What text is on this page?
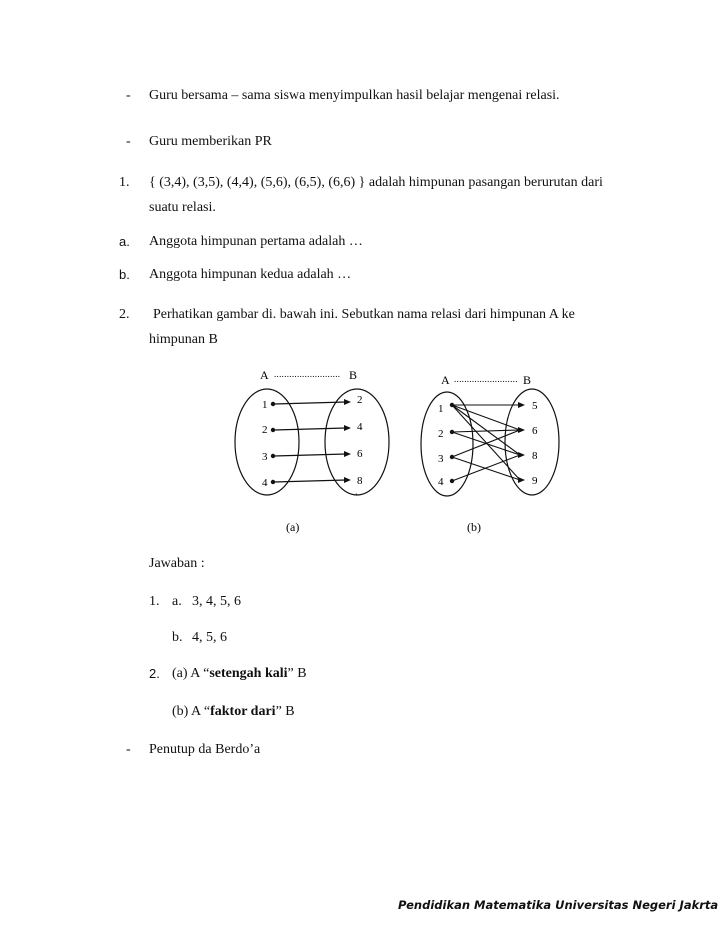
- Guru bersama – sama siswa menyimpulkan hasil belajar mengenai relasi.
- Guru memberikan PR
1. { (3,4), (3,5), (4,4), (5,6), (6,5), (6,6) } adalah himpunan pasangan berurutan dari
suatu relasi.
a. Anggota himpunan pertama adalah …
b. Anggota himpunan kedua adalah …
2. Perhatikan gambar di. bawah ini. Sebutkan nama relasi dari himpunan A ke
himpunan B
A .......................... B
1
2
3
4
2
4
6
8
`
(a)
A ......................... B
1
2
3
4
5
6
8
9
(b)
Jawaban :
1. a. 3, 4, 5, 6
b. 4, 5, 6
2. (a) A “setengah kali” B
(b) A “faktor dari” B
- Penutup da Berdo’a
Pendidikan Matematika Universitas Negeri Jakrta
